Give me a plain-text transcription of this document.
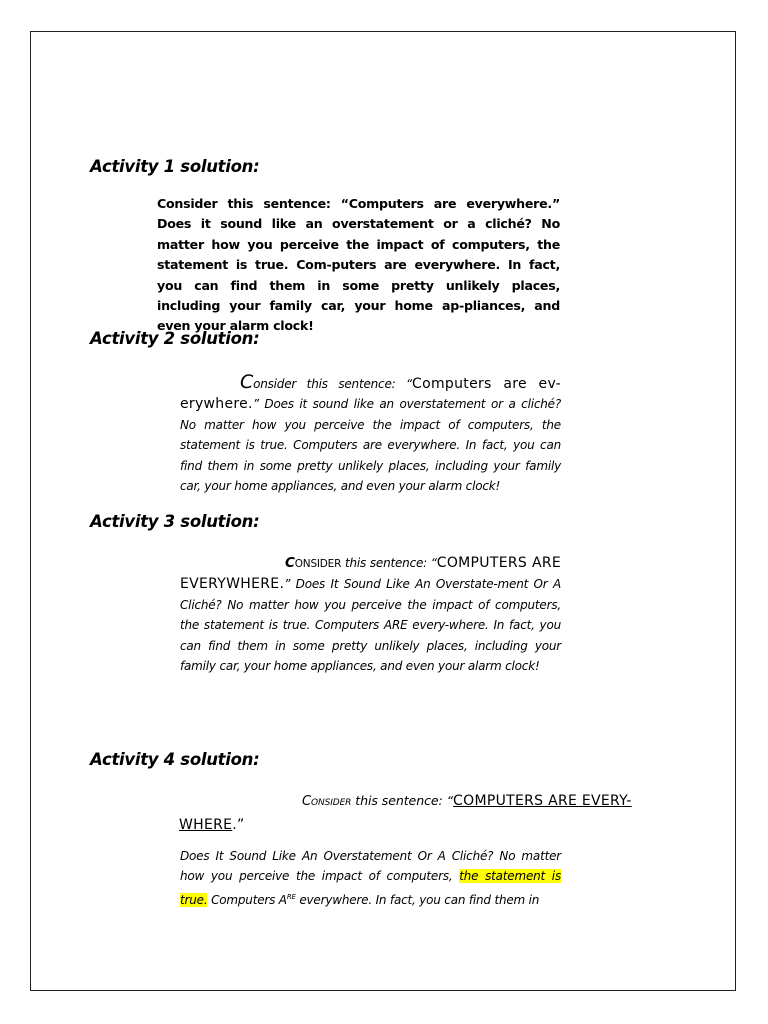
Activity 1 solution:
Consider this sentence: “Computers are everywhere.” Does it sound like an overstatement or a cliché? No matter how you perceive the impact of computers, the statement is true. Com-puters are everywhere. In fact, you can find them in some pretty unlikely places, including your family car, your home ap-pliances, and even your alarm clock!
Activity 2 solution:
Consider this sentence: “Computers are ev-erywhere.” Does it sound like an overstatement or a cliché? No matter how you perceive the impact of computers, the statement is true. Computers are everywhere. In fact, you can find them in some pretty unlikely places, including your family car, your home appliances, and even your alarm clock!
Activity 3 solution:
CONSIDER this sentence: “COMPUTERS ARE EVERYWHERE.” Does It Sound Like An Overstate-ment Or A Cliché? No matter how you perceive the impact of computers, the statement is true. Computers ARE every-where. In fact, you can find them in some pretty unlikely places, including your family car, your home appliances, and even your alarm clock!
Activity 4 solution:
CONSIDER this sentence: “COMPUTERS ARE EVERY-
WHERE.”
Does It Sound Like An Overstatement Or A Cliché? No matter how you perceive the impact of computers, the statement is true. Computers $A^{RE}$ everywhere. In fact, you can find them in
